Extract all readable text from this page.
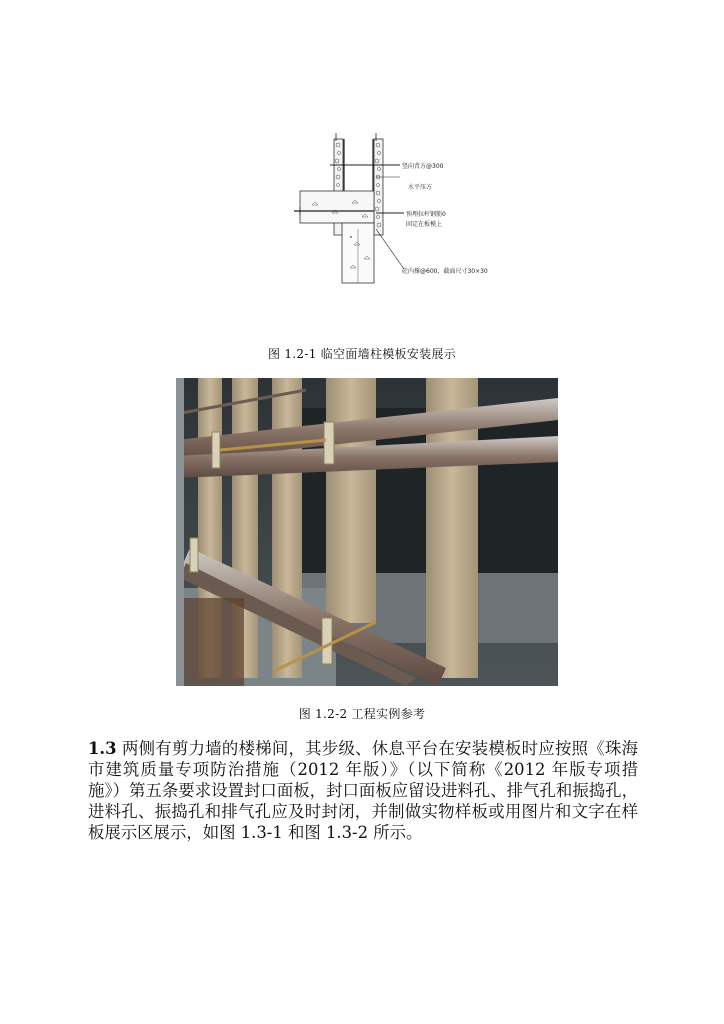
竖向背方@300
水平压方
预埋拉杆钢筋0
固定在板模上
砼内撑@600，截面尺寸30×30
图 1.2-1 临空面墙柱模板安装展示
图 1.2-2 工程实例参考

1.3 两侧有剪力墙的楼梯间，其步级、休息平台在安装模板时应按照《珠海市建筑质量专项防治措施（2012 年版）》（以下简称《2012 年版专项措施》）第五条要求设置封口面板，封口面板应留设进料孔、排气孔和振捣孔，进料孔、振捣孔和排气孔应及时封闭，并制做实物样板或用图片和文字在样板展示区展示，如图 1.3-1 和图 1.3-2 所示。
